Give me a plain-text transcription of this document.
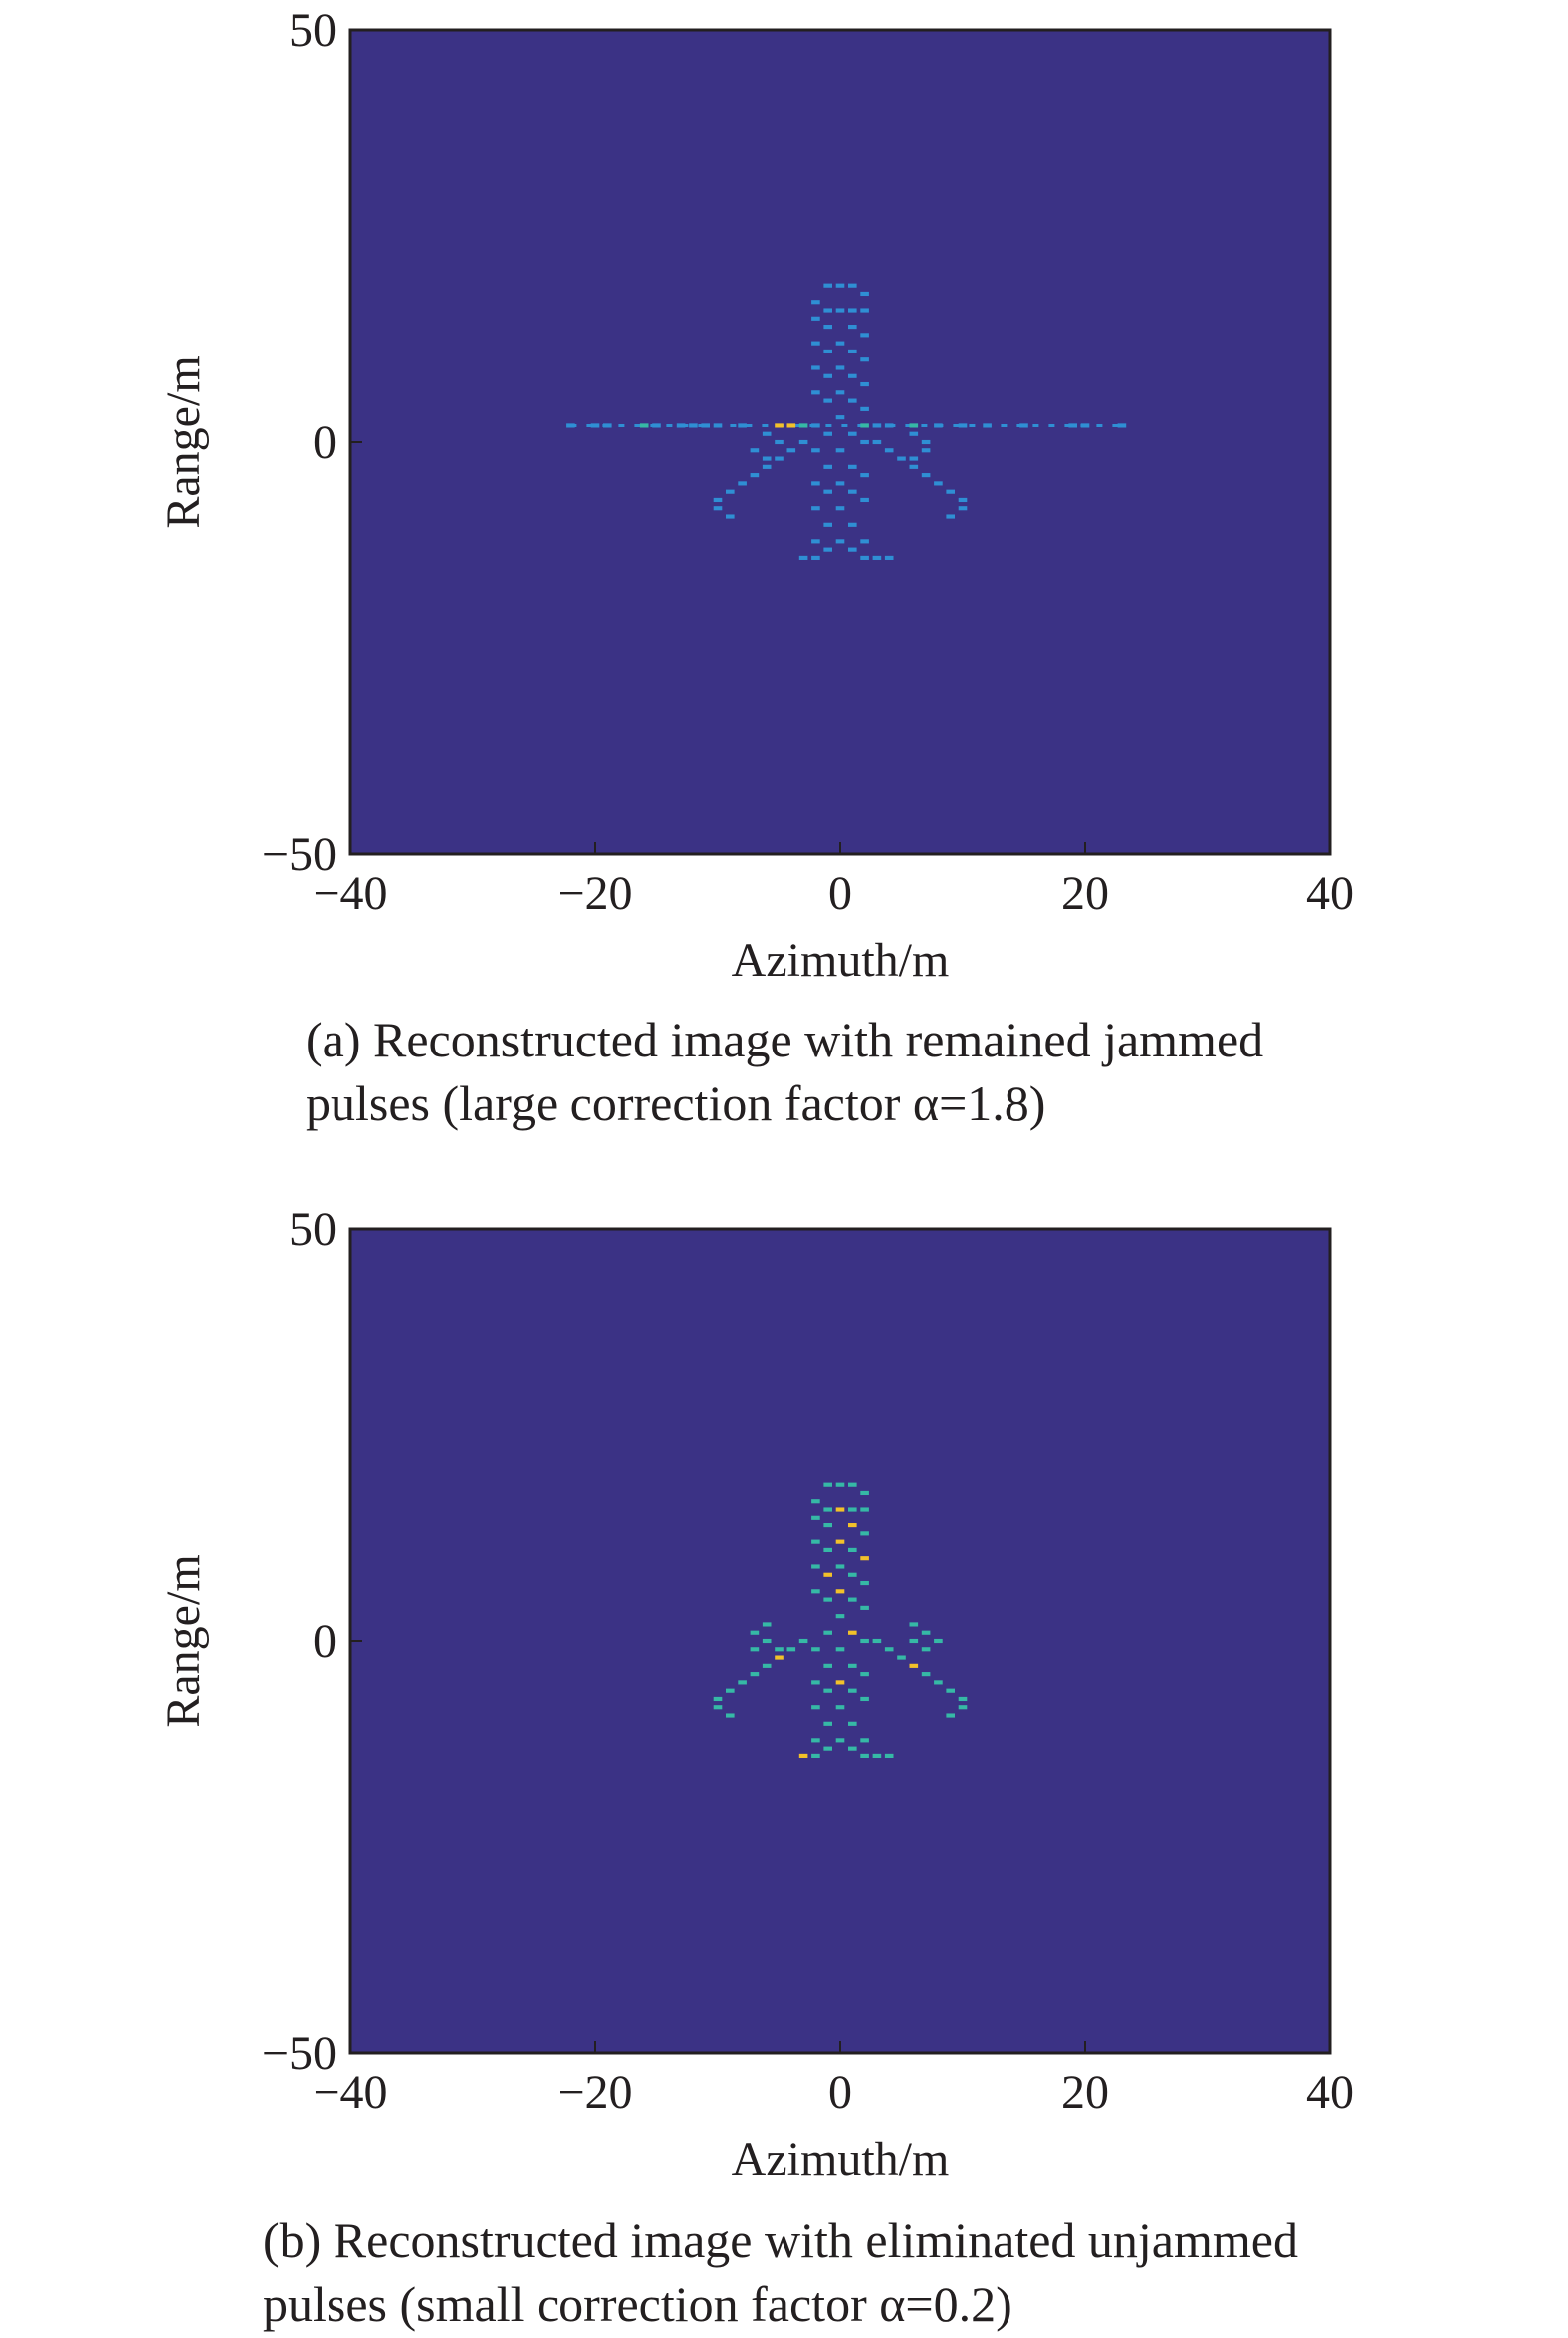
−40	−20	0	20	40
−50
0
50
Azimuth/m
Range/m
(a) Reconstructed image with remained jammed
pulses (large correction factor α=1.8)
−40	−20	0	20	40
−50
0
50
Azimuth/m
Range/m
(b) Reconstructed image with eliminated unjammed
pulses (small correction factor α=0.2)
